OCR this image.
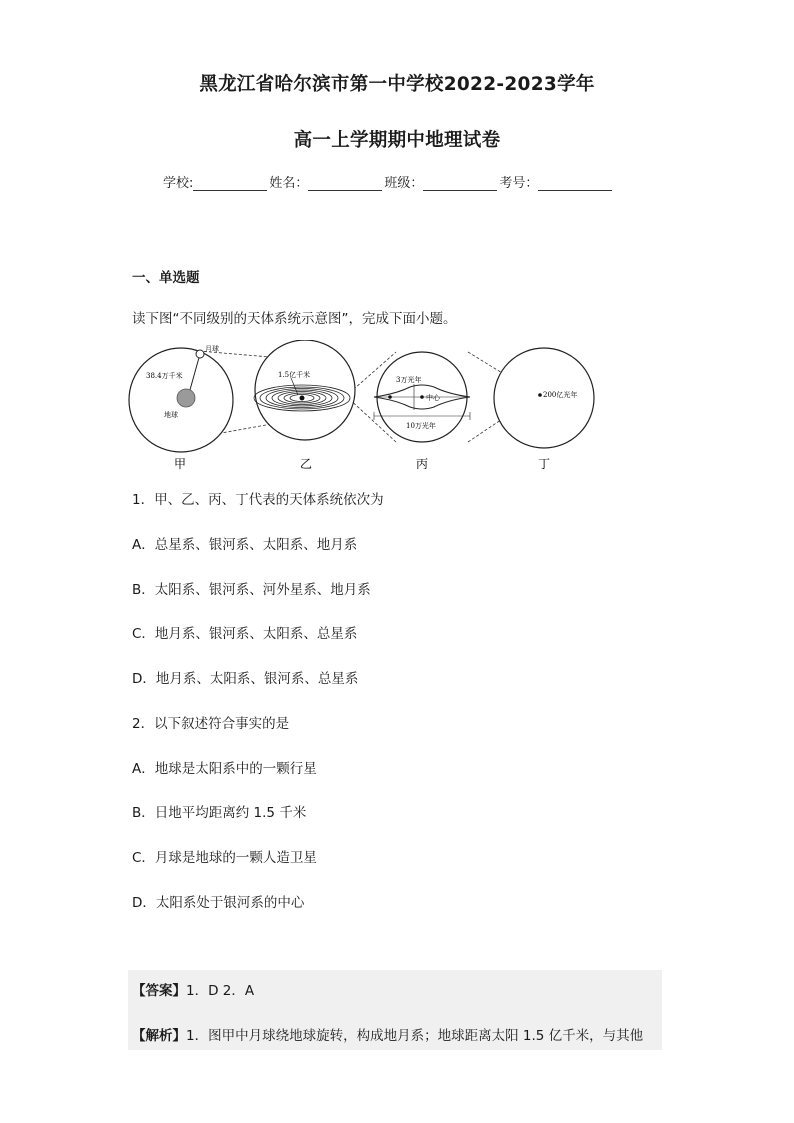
黑龙江省哈尔滨市第一中学校2022-2023学年
高一上学期期中地理试卷
学校:	姓名：	班级：	考号：
一、单选题
读下图“不同级别的天体系统示意图”，完成下面小题。
月球
38.4万千米
地球
1.5亿千米
3万光年
中心
10万光年
200亿光年
甲	乙	丙	丁
1．甲、乙、丙、丁代表的天体系统依次为
A．总星系、银河系、太阳系、地月系
B．太阳系、银河系、河外星系、地月系
C．地月系、银河系、太阳系、总星系
D．地月系、太阳系、银河系、总星系
2．以下叙述符合事实的是
A．地球是太阳系中的一颗行星
B．日地平均距离约 1.5 千米
C．月球是地球的一颗人造卫星
D．太阳系处于银河系的中心
【答案】1．D 2．A
【解析】1．图甲中月球绕地球旋转，构成地月系；地球距离太阳 1.5 亿千米，与其他
